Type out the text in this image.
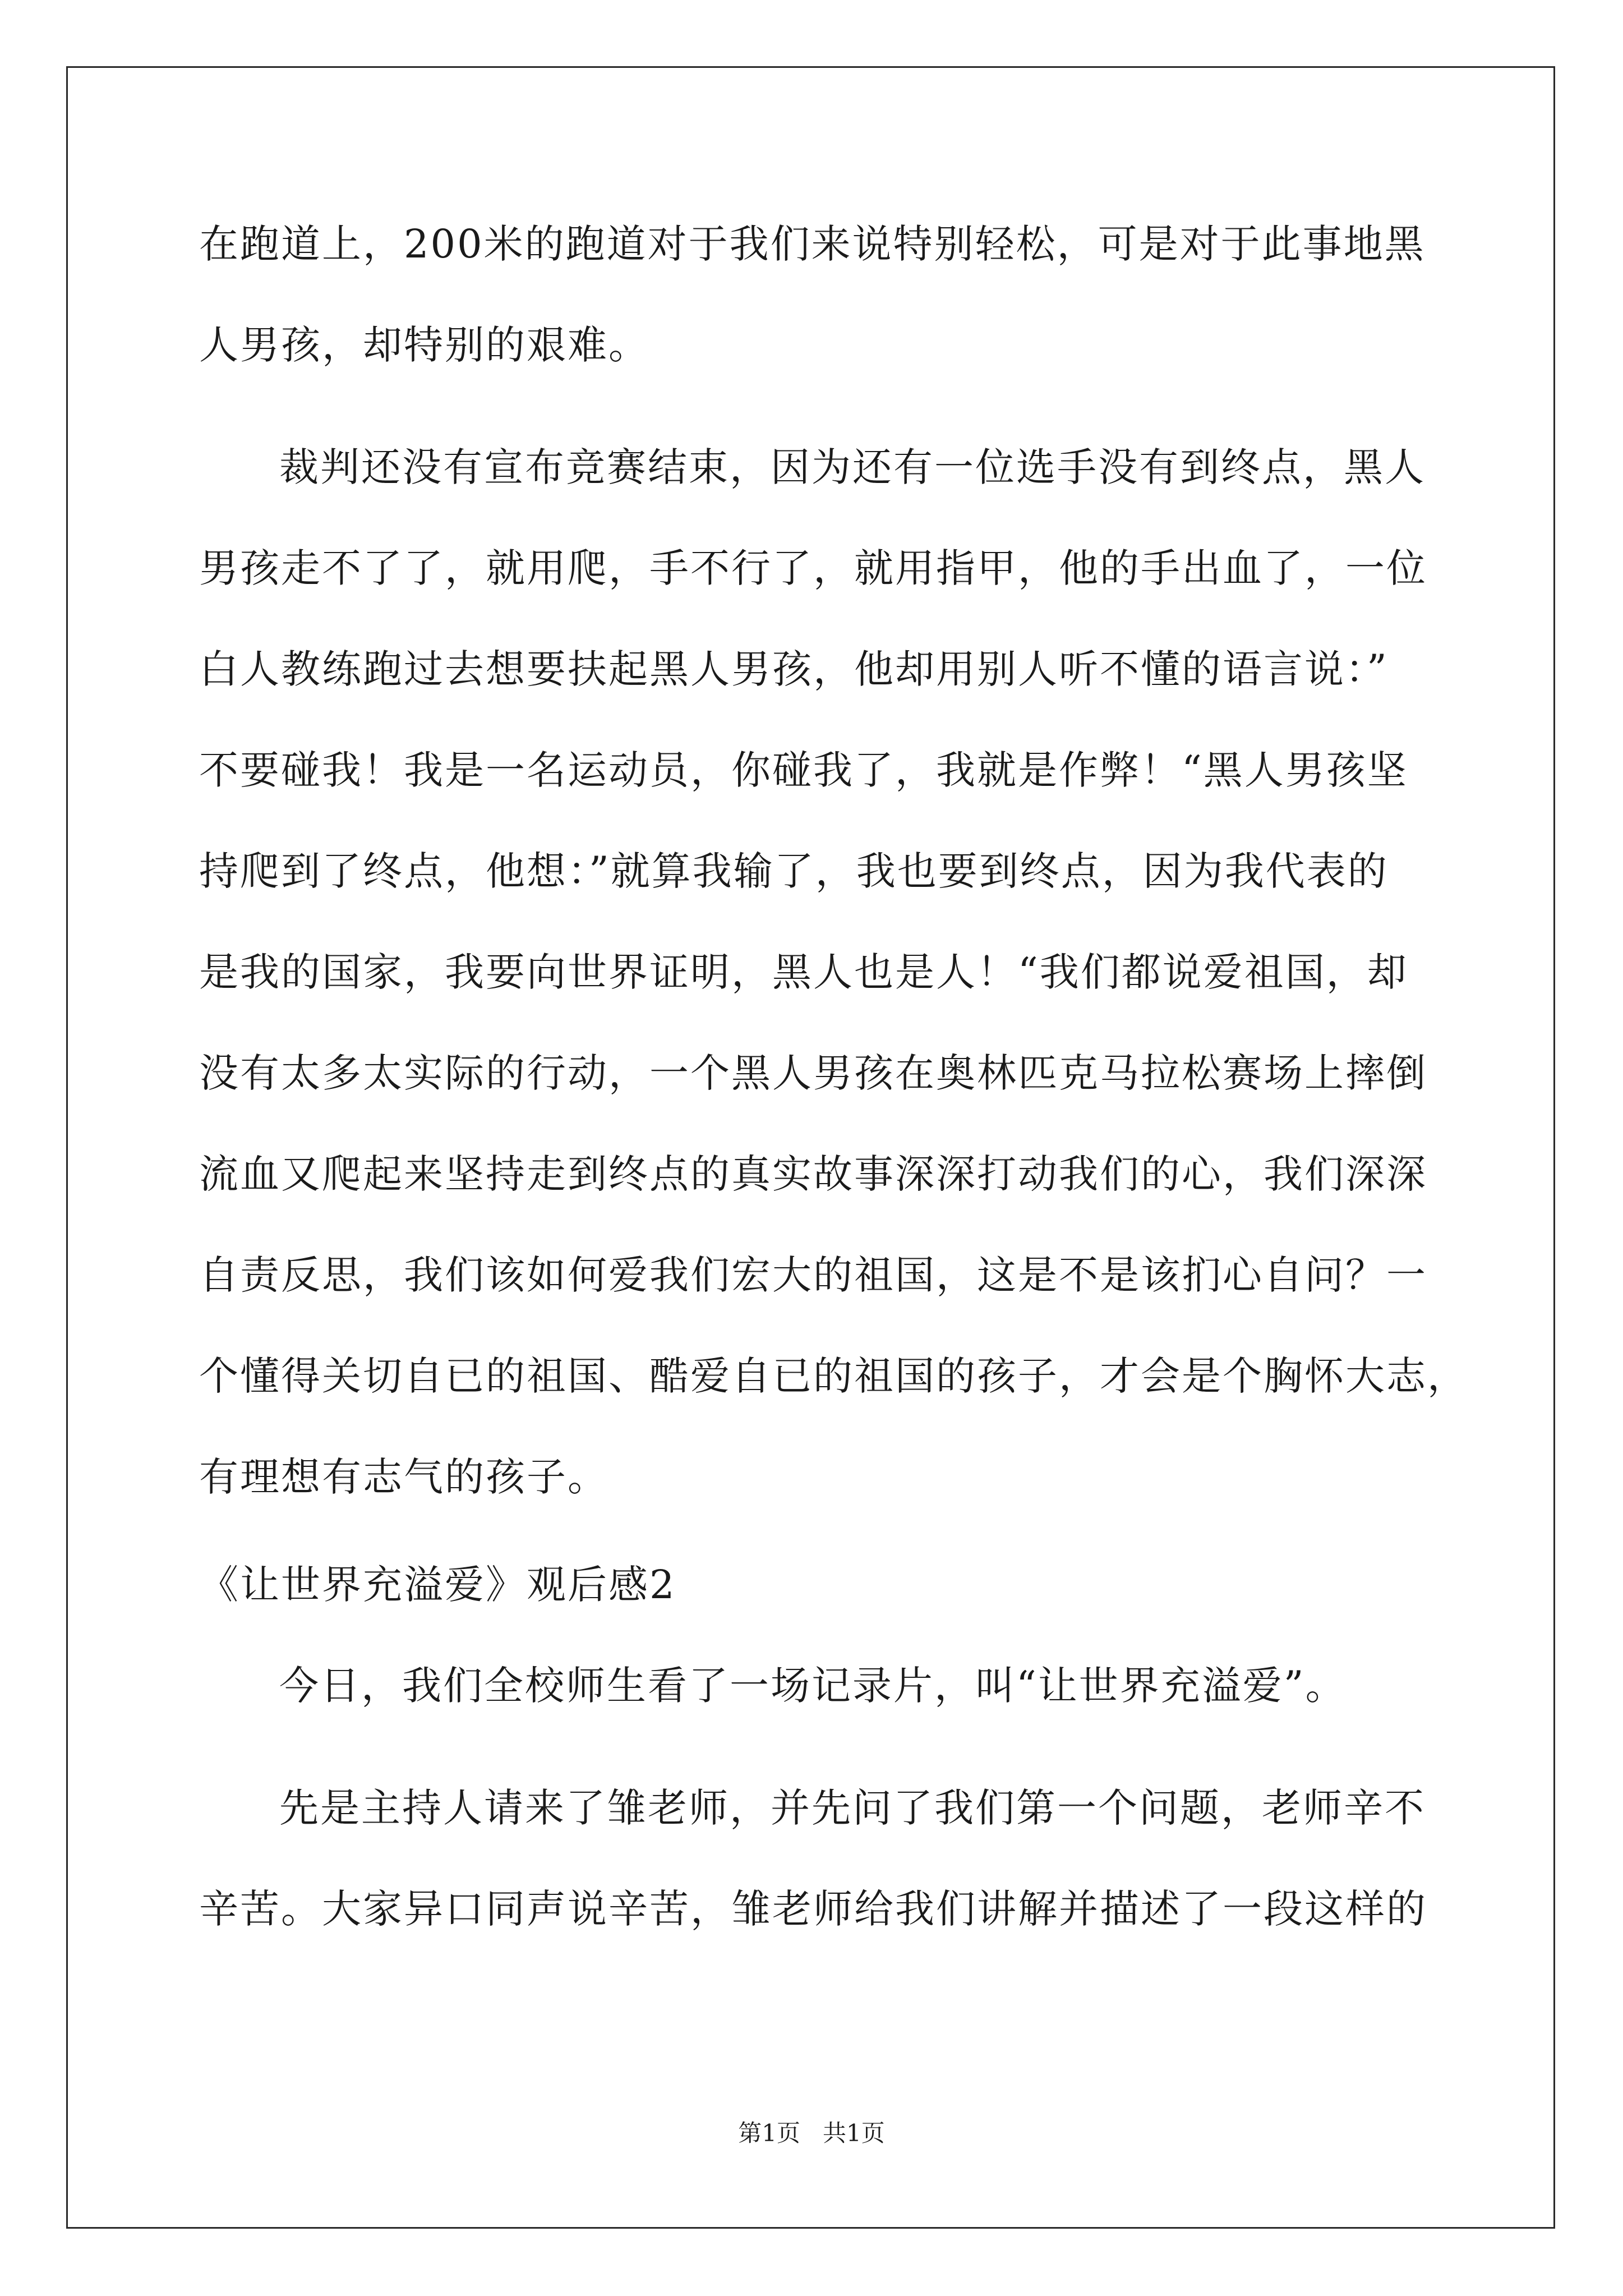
在跑道上，200米的跑道对于我们来说特别轻松，可是对于此事地黑
人男孩，却特别的艰难。
裁判还没有宣布竞赛结束，因为还有一位选手没有到终点，黑人
男孩走不了了，就用爬，手不行了，就用指甲，他的手出血了，一位
白人教练跑过去想要扶起黑人男孩，他却用别人听不懂的语言说：”
不要碰我！我是一名运动员，你碰我了，我就是作弊！“黑人男孩坚
持爬到了终点，他想：”就算我输了，我也要到终点，因为我代表的
是我的国家，我要向世界证明，黑人也是人！“我们都说爱祖国，却
没有太多太实际的行动，一个黑人男孩在奥林匹克马拉松赛场上摔倒
流血又爬起来坚持走到终点的真实故事深深打动我们的心，我们深深
自责反思，我们该如何爱我们宏大的祖国，这是不是该扪心自问？一
个懂得关切自已的祖国、酷爱自已的祖国的孩子，才会是个胸怀大志，
有理想有志气的孩子。
《让世界充溢爱》观后感2
今日，我们全校师生看了一场记录片，叫“让世界充溢爱”。
先是主持人请来了雏老师，并先问了我们第一个问题，老师辛不
辛苦。大家异口同声说辛苦，雏老师给我们讲解并描述了一段这样的
第1页   共1页
